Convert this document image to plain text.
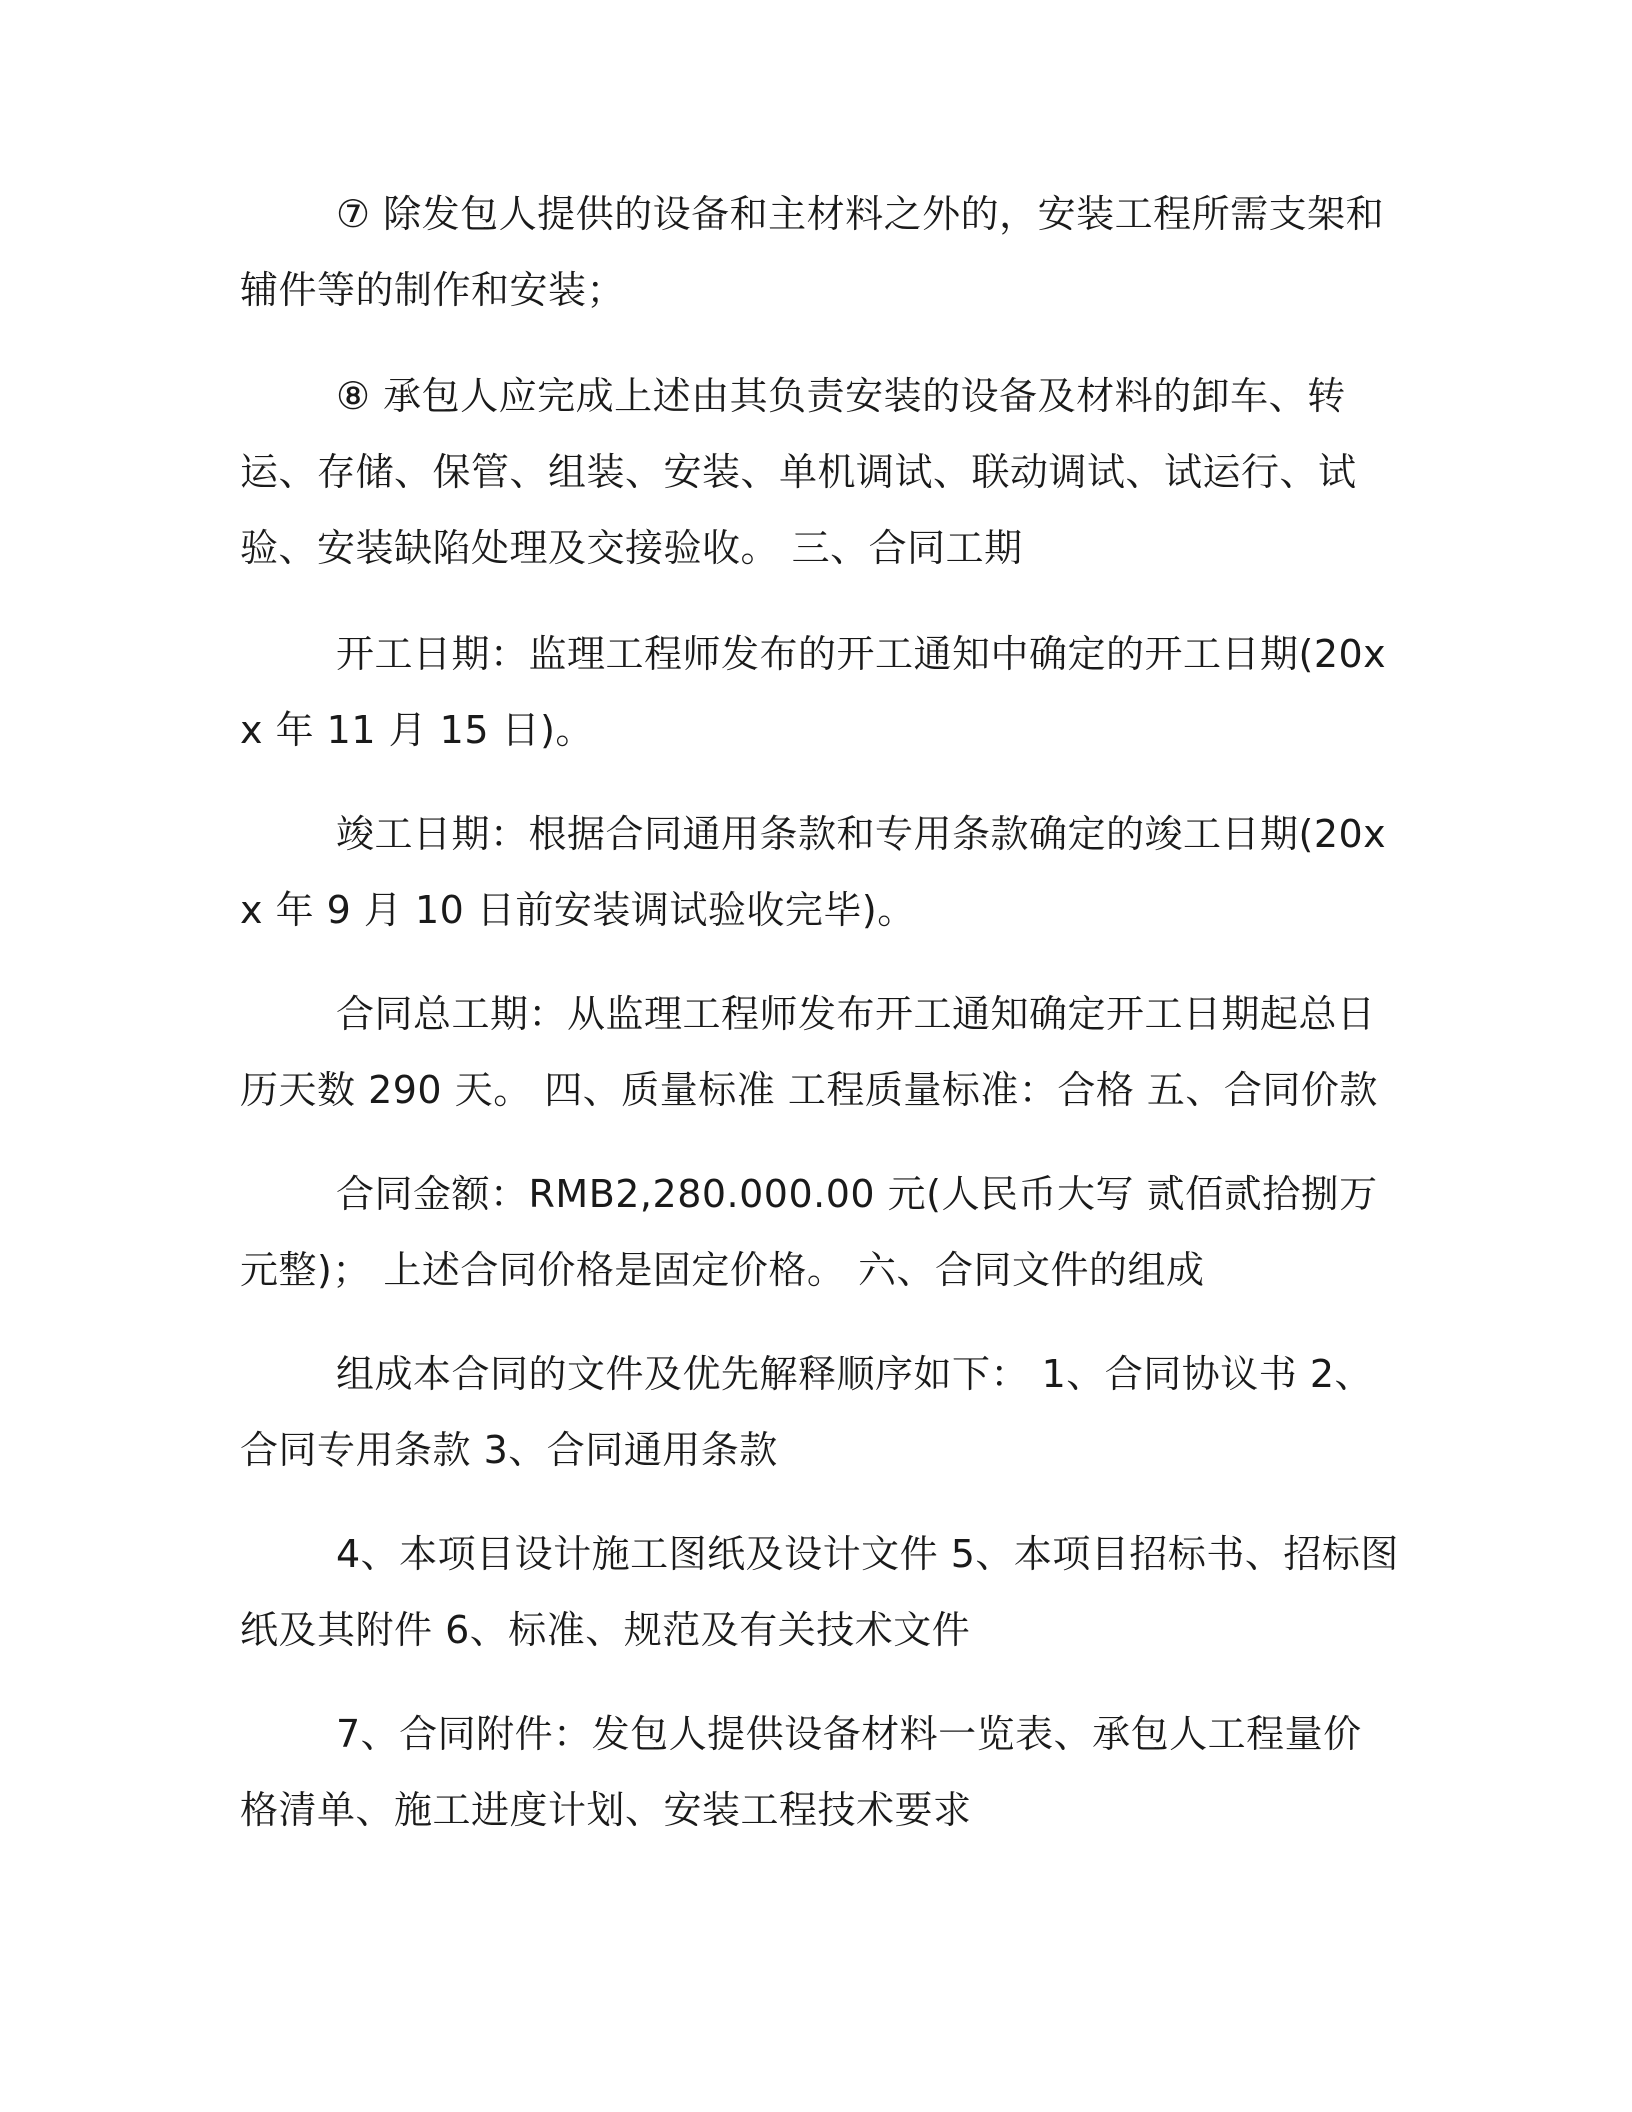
⑦ 除发包人提供的设备和主材料之外的，安装工程所需支架和辅件等的制作和安装；

⑧ 承包人应完成上述由其负责安装的设备及材料的卸车、转运、存储、保管、组装、安装、单机调试、联动调试、试运行、试验、安装缺陷处理及交接验收。 三、合同工期

开工日期：监理工程师发布的开工通知中确定的开工日期(20xx 年 11 月 15 日)。

竣工日期：根据合同通用条款和专用条款确定的竣工日期(20xx 年 9 月 10 日前安装调试验收完毕)。

合同总工期：从监理工程师发布开工通知确定开工日期起总日历天数 290 天。 四、质量标准 工程质量标准：合格 五、合同价款

合同金额：RMB2,280.000.00 元(人民币大写 贰佰贰拾捌万元整)； 上述合同价格是固定价格。 六、合同文件的组成

组成本合同的文件及优先解释顺序如下： 1、合同协议书 2、合同专用条款 3、合同通用条款

4、本项目设计施工图纸及设计文件 5、本项目招标书、招标图纸及其附件 6、标准、规范及有关技术文件

7、合同附件：发包人提供设备材料一览表、承包人工程量价格清单、施工进度计划、安装工程技术要求
